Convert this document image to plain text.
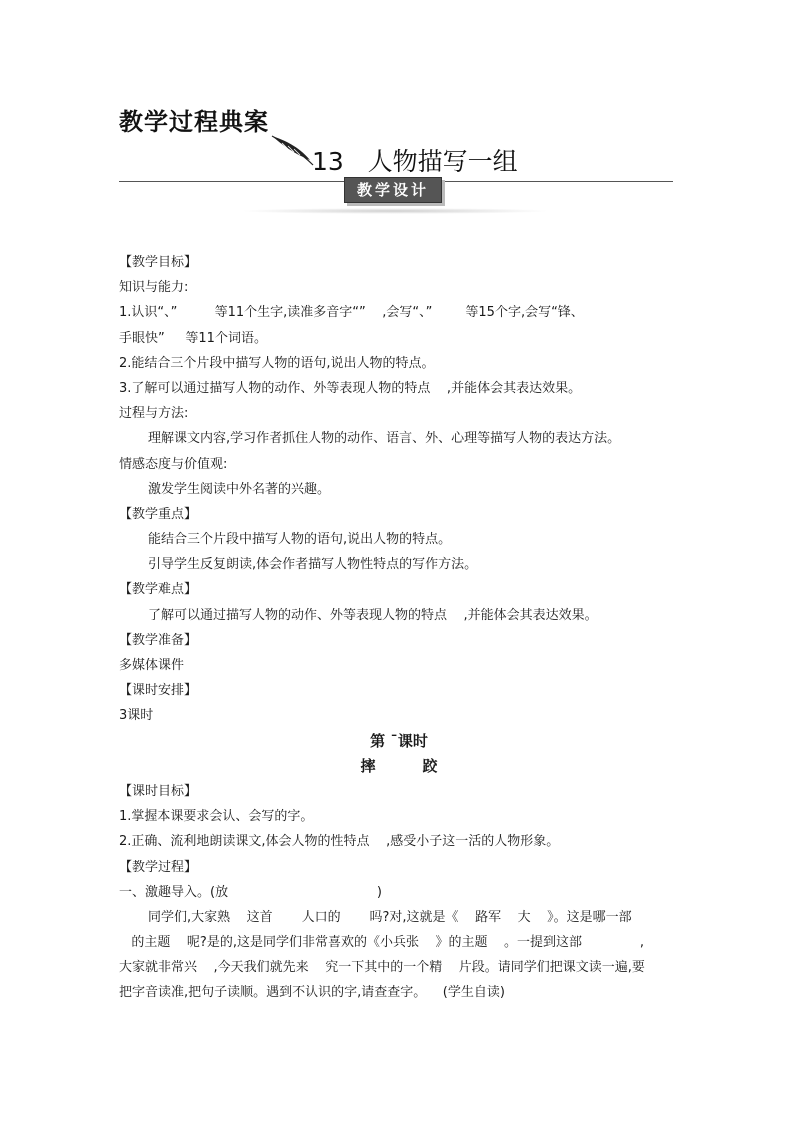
教学过程典案
13   人物描写一组
教学设计
【教学目标】
知识与能力:
1.认识“、”         等11个生字,读准多音字“”    ,会写“、”        等15个字,会写“锋、
手眼快”     等11个词语。
2.能结合三个片段中描写人物的语句,说出人物的特点。
3.了解可以通过描写人物的动作、外等表现人物的特点    ,并能体会其表达效果。
过程与方法:
理解课文内容,学习作者抓住人物的动作、语言、外、心理等描写人物的表达方法。
情感态度与价值观:
激发学生阅读中外名著的兴趣。
【教学重点】
能结合三个片段中描写人物的语句,说出人物的特点。
引导学生反复朗读,体会作者描写人物性特点的写作方法。
【教学难点】
了解可以通过描写人物的动作、外等表现人物的特点    ,并能体会其表达效果。
【教学准备】
多媒体课件
【课时安排】
3课时
第 ˉ课时
摔         跤
【课时目标】
1.掌握本课要求会认、会写的字。
2.正确、流利地朗读课文,体会人物的性特点    ,感受小子这一活的人物形象。
【教学过程】
一、激趣导入。(放                                    )
同学们,大家熟    这首       人口的       吗?对,这就是《    路军    大    》。这是哪一部
的主题    呢?是的,这是同学们非常喜欢的《小兵张    》的主题    。一提到这部              ,
大家就非常兴    ,今天我们就先来    究一下其中的一个精    片段。请同学们把课文读一遍,要
把字音读准,把句子读顺。遇到不认识的字,请查查字。    (学生自读)
